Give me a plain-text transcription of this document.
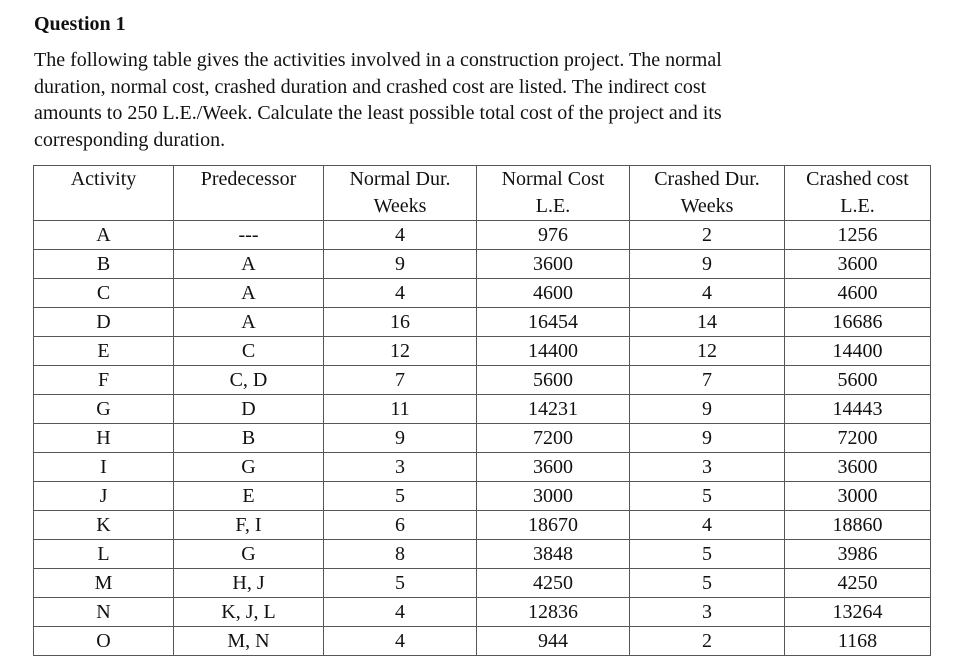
Question 1
The following table gives the activities involved in a construction project. The normal
duration, normal cost, crashed duration and crashed cost are listed. The indirect cost
amounts to 250 L.E./Week. Calculate the least possible total cost of the project and its
corresponding duration.
Activity	Predecessor	Normal Dur.	Normal Cost	Crashed Dur.	Crashed cost
		Weeks	L.E.	Weeks	L.E.
A	---	4	976	2	1256
B	A	9	3600	9	3600
C	A	4	4600	4	4600
D	A	16	16454	14	16686
E	C	12	14400	12	14400
F	C, D	7	5600	7	5600
G	D	11	14231	9	14443
H	B	9	7200	9	7200
I	G	3	3600	3	3600
J	E	5	3000	5	3000
K	F, I	6	18670	4	18860
L	G	8	3848	5	3986
M	H, J	5	4250	5	4250
N	K, J, L	4	12836	3	13264
O	M, N	4	944	2	1168
